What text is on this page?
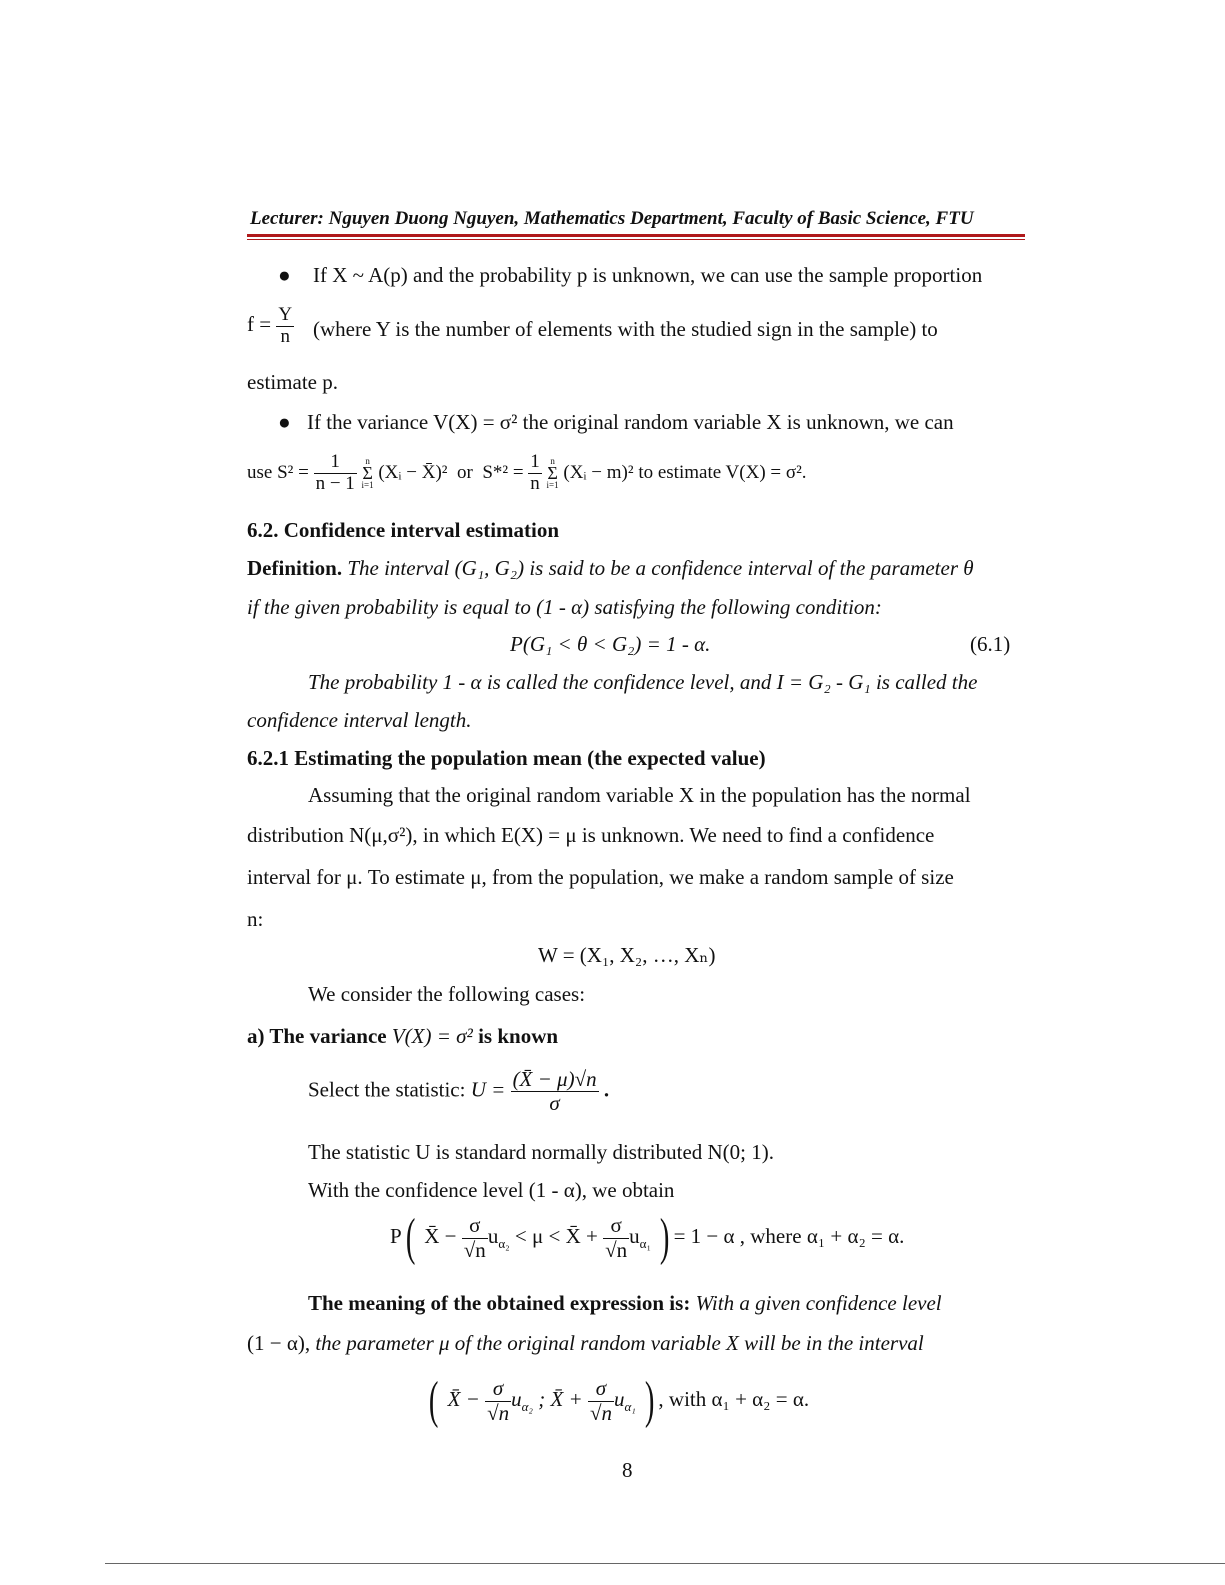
Lecturer: Nguyen Duong Nguyen, Mathematics Department, Faculty of Basic Science, FTU
● If X ~ A(p) and the probability p is unknown, we can use the sample proportion
$f = \frac{Y}{n}$ (where Y is the number of elements with the studied sign in the sample) to
estimate p.
● If the variance V(X) = σ² the original random variable X is unknown, we can
use $S^2 = \frac{1}{n - 1}$
n
Σ
i=1
(Xᵢ − X̄)² or $S*^2 = \frac{1}{n}$
n
Σ
i=1
(Xᵢ − m)² to estimate V(X) = σ².
6.2. Confidence interval estimation
Definition. The interval (G₁, G₂) is said to be a confidence interval of the parameter θ
if the given probability is equal to (1 - α) satisfying the following condition:
P(G₁ < θ < G₂) = 1 - α.	(6.1)
The probability 1 - α is called the confidence level, and I = G₂ - G₁ is called the
confidence interval length.
6.2.1 Estimating the population mean (the expected value)
Assuming that the original random variable X in the population has the normal
distribution N(μ,σ²), in which E(X) = μ is unknown. We need to find a confidence
interval for μ. To estimate μ, from the population, we make a random sample of size
n:
W = (X₁, X₂, …, Xₙ)
We consider the following cases:
a) The variance V(X) = σ² is known
Select the statistic: $U = \frac{(X̄ - \mu)√n}{\sigma}$ .
The statistic U is standard normally distributed N(0; 1).
With the confidence level (1 - α), we obtain
P( X̄ − $\frac{\sigma}{√n} u_{\alpha_2} < \mu$ < X̄ + $\frac{\sigma}{√n} u_{\alpha_1}$ ) = 1 − α , where α₁ + α₂ = α.
The meaning of the obtained expression is: With a given confidence level
(1 − α), the parameter μ of the original random variable X will be in the interval
( X̄ − $\frac{\sigma}{√n} u_{\alpha_2}$ ; X̄ + $\frac{\sigma}{√n} u_{\alpha_1}$ ) , with α₁ + α₂ = α.
8
